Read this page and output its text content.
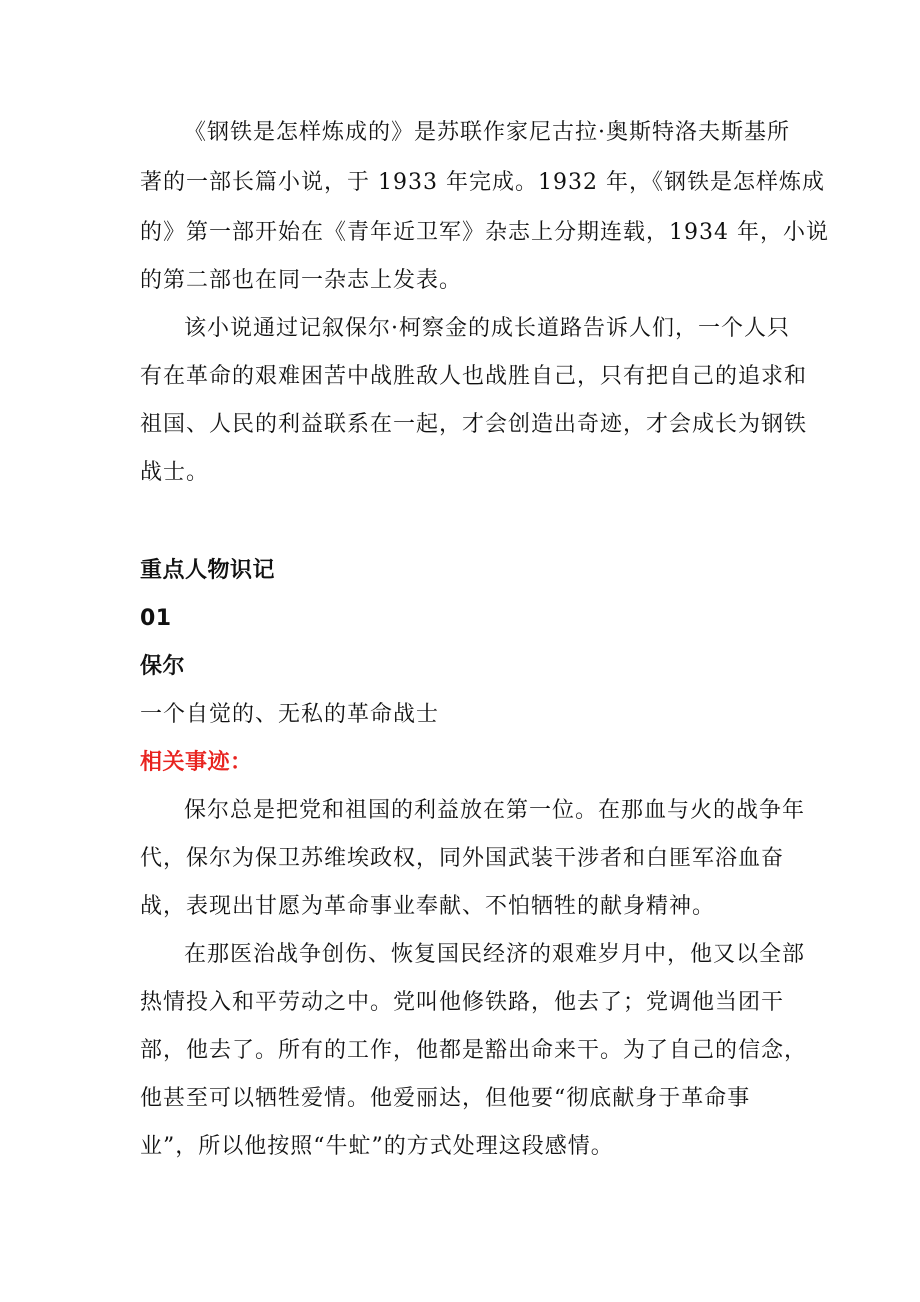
《钢铁是怎样炼成的》是苏联作家尼古拉·奥斯特洛夫斯基所
著的一部长篇小说，于 1933 年完成。1932 年，《钢铁是怎样炼成
的》第一部开始在《青年近卫军》杂志上分期连载，1934 年，小说
的第二部也在同一杂志上发表。
该小说通过记叙保尔·柯察金的成长道路告诉人们，一个人只
有在革命的艰难困苦中战胜敌人也战胜自己，只有把自己的追求和
祖国、人民的利益联系在一起，才会创造出奇迹，才会成长为钢铁
战士。
重点人物识记
01
保尔
一个自觉的、无私的革命战士
相关事迹：
保尔总是把党和祖国的利益放在第一位。在那血与火的战争年
代，保尔为保卫苏维埃政权，同外国武装干涉者和白匪军浴血奋
战，表现出甘愿为革命事业奉献、不怕牺牲的献身精神。
在那医治战争创伤、恢复国民经济的艰难岁月中，他又以全部
热情投入和平劳动之中。党叫他修铁路，他去了；党调他当团干
部，他去了。所有的工作，他都是豁出命来干。为了自己的信念，
他甚至可以牺牲爱情。他爱丽达，但他要“彻底献身于革命事
业”，所以他按照“牛虻”的方式处理这段感情。
